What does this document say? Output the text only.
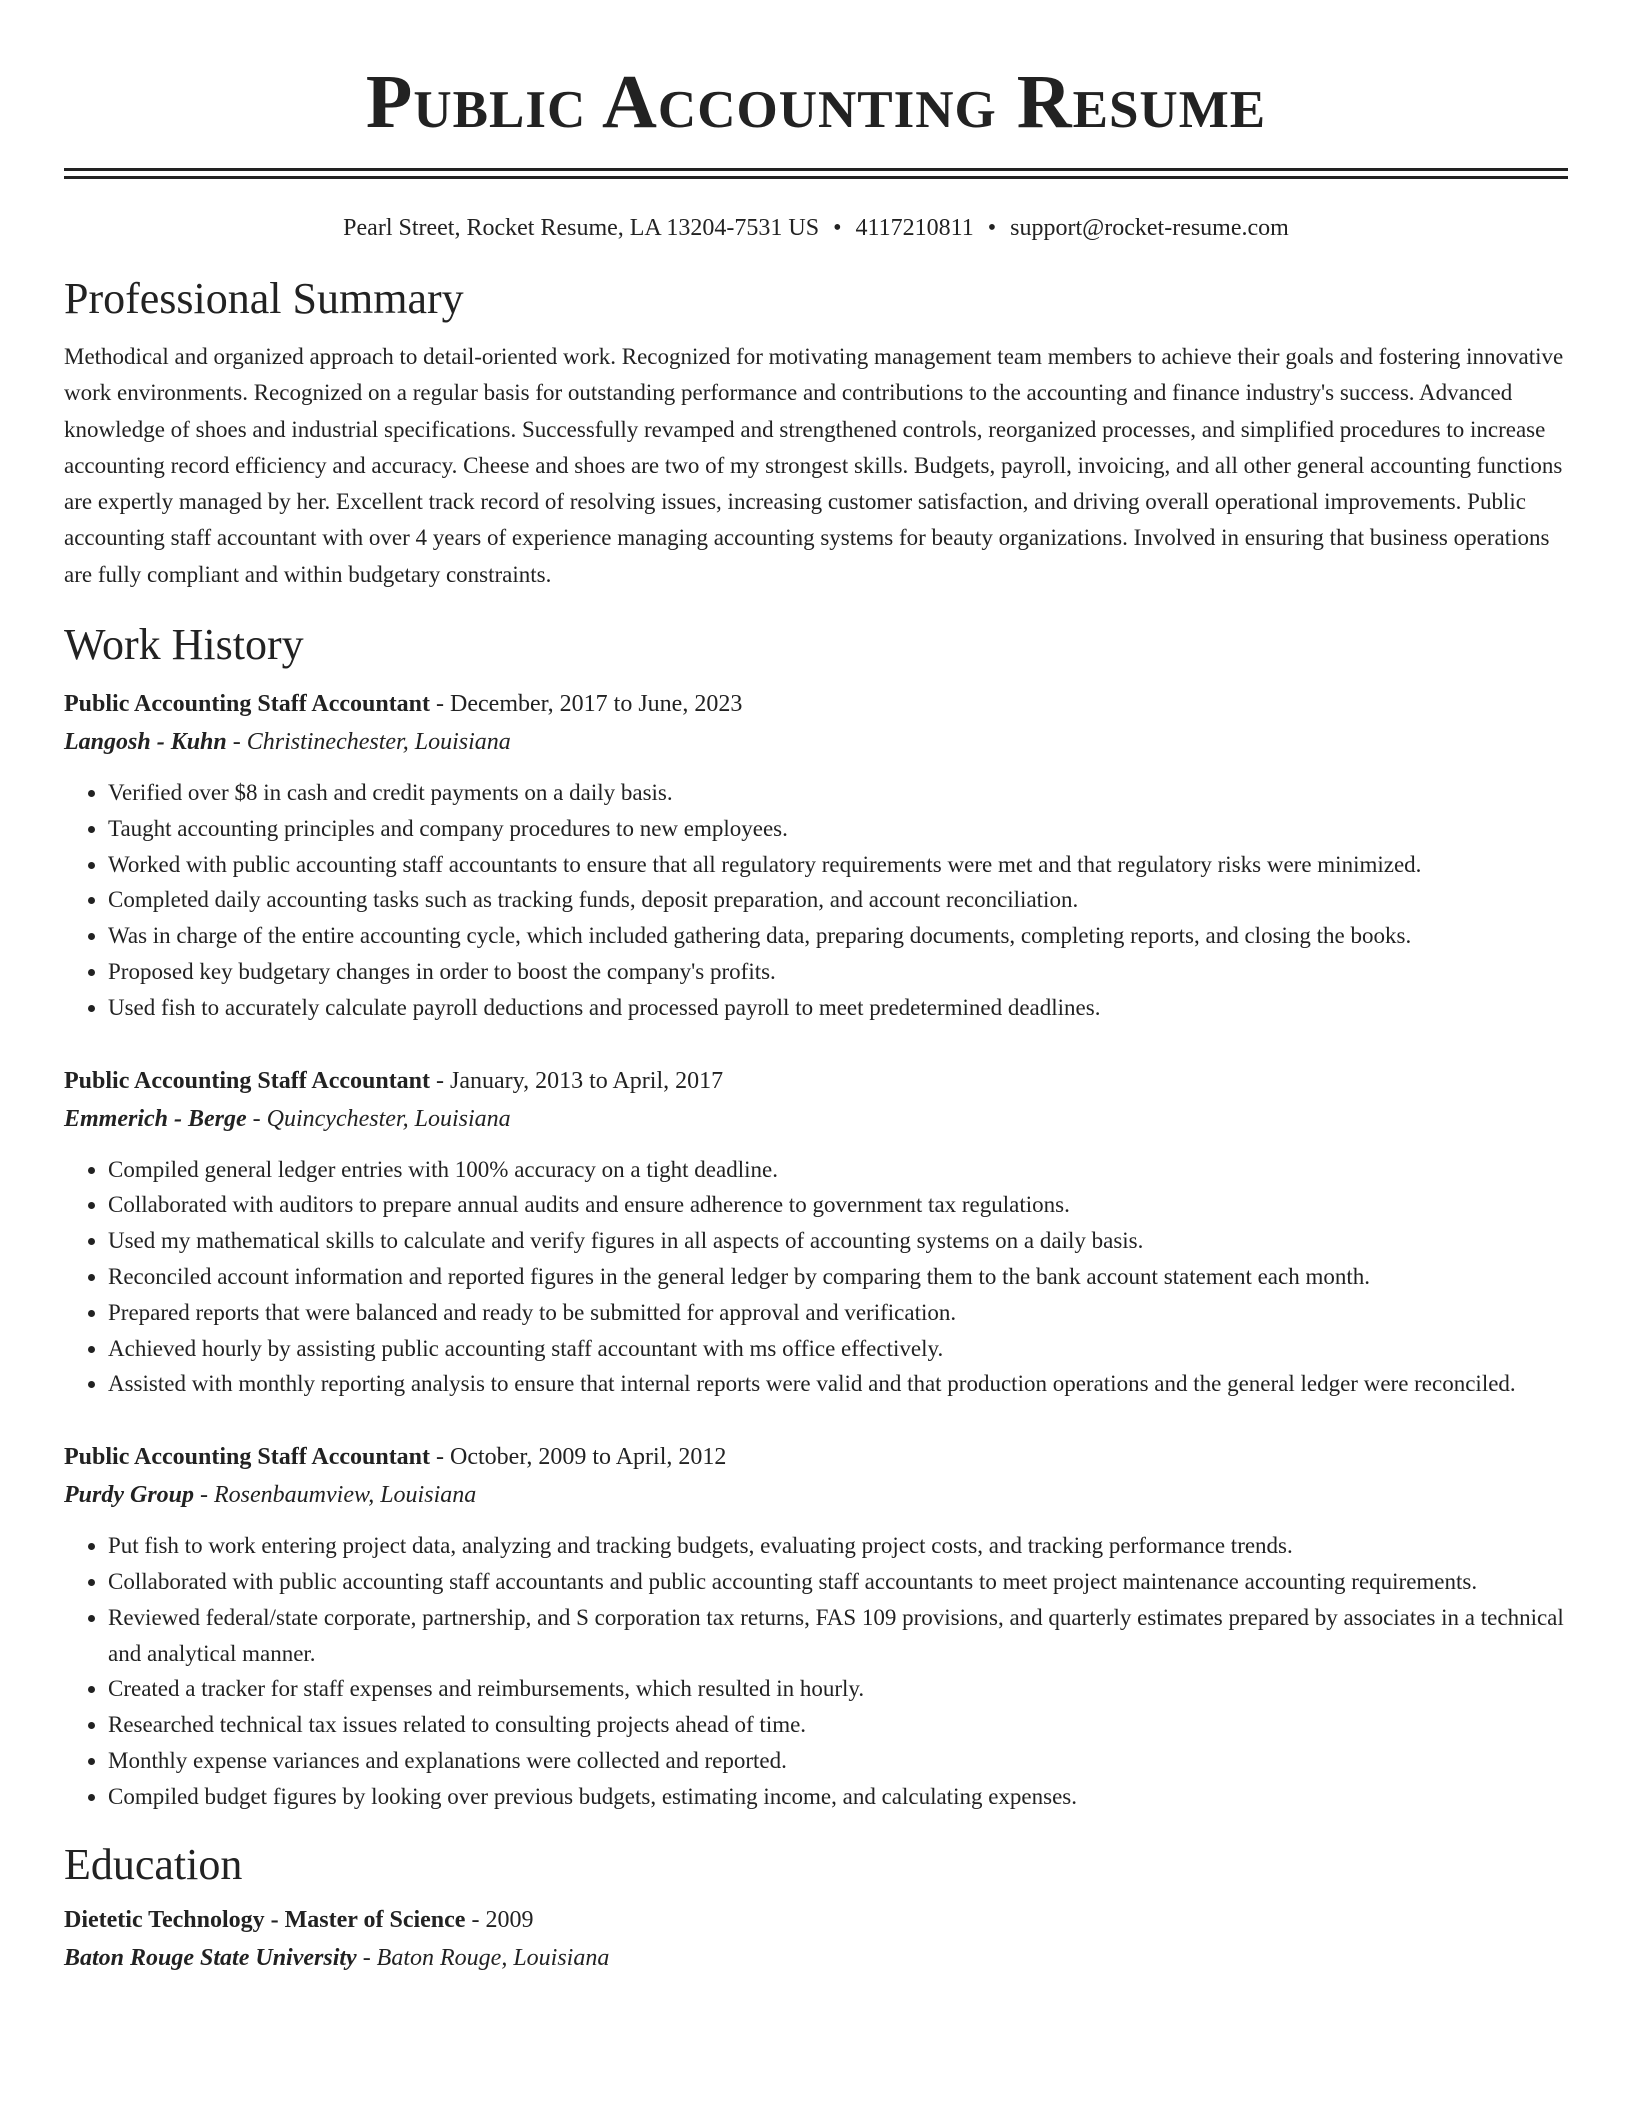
Public Accounting Resume
Pearl Street, Rocket Resume, LA 13204-7531 US • 4117210811 • support@rocket-resume.com
Professional Summary
Methodical and organized approach to detail-oriented work. Recognized for motivating management team members to achieve their goals and fostering innovative work environments. Recognized on a regular basis for outstanding performance and contributions to the accounting and finance industry's success. Advanced knowledge of shoes and industrial specifications. Successfully revamped and strengthened controls, reorganized processes, and simplified procedures to increase accounting record efficiency and accuracy. Cheese and shoes are two of my strongest skills. Budgets, payroll, invoicing, and all other general accounting functions are expertly managed by her. Excellent track record of resolving issues, increasing customer satisfaction, and driving overall operational improvements. Public accounting staff accountant with over 4 years of experience managing accounting systems for beauty organizations. Involved in ensuring that business operations are fully compliant and within budgetary constraints.
Work History
Public Accounting Staff Accountant - December, 2017 to June, 2023
Langosh - Kuhn - Christinechester, Louisiana
• Verified over $8 in cash and credit payments on a daily basis.
• Taught accounting principles and company procedures to new employees.
• Worked with public accounting staff accountants to ensure that all regulatory requirements were met and that regulatory risks were minimized.
• Completed daily accounting tasks such as tracking funds, deposit preparation, and account reconciliation.
• Was in charge of the entire accounting cycle, which included gathering data, preparing documents, completing reports, and closing the books.
• Proposed key budgetary changes in order to boost the company's profits.
• Used fish to accurately calculate payroll deductions and processed payroll to meet predetermined deadlines.
Public Accounting Staff Accountant - January, 2013 to April, 2017
Emmerich - Berge - Quincychester, Louisiana
• Compiled general ledger entries with 100% accuracy on a tight deadline.
• Collaborated with auditors to prepare annual audits and ensure adherence to government tax regulations.
• Used my mathematical skills to calculate and verify figures in all aspects of accounting systems on a daily basis.
• Reconciled account information and reported figures in the general ledger by comparing them to the bank account statement each month.
• Prepared reports that were balanced and ready to be submitted for approval and verification.
• Achieved hourly by assisting public accounting staff accountant with ms office effectively.
• Assisted with monthly reporting analysis to ensure that internal reports were valid and that production operations and the general ledger were reconciled.
Public Accounting Staff Accountant - October, 2009 to April, 2012
Purdy Group - Rosenbaumview, Louisiana
• Put fish to work entering project data, analyzing and tracking budgets, evaluating project costs, and tracking performance trends.
• Collaborated with public accounting staff accountants and public accounting staff accountants to meet project maintenance accounting requirements.
• Reviewed federal/state corporate, partnership, and S corporation tax returns, FAS 109 provisions, and quarterly estimates prepared by associates in a technical and analytical manner.
• Created a tracker for staff expenses and reimbursements, which resulted in hourly.
• Researched technical tax issues related to consulting projects ahead of time.
• Monthly expense variances and explanations were collected and reported.
• Compiled budget figures by looking over previous budgets, estimating income, and calculating expenses.
Education
Dietetic Technology - Master of Science - 2009
Baton Rouge State University - Baton Rouge, Louisiana
